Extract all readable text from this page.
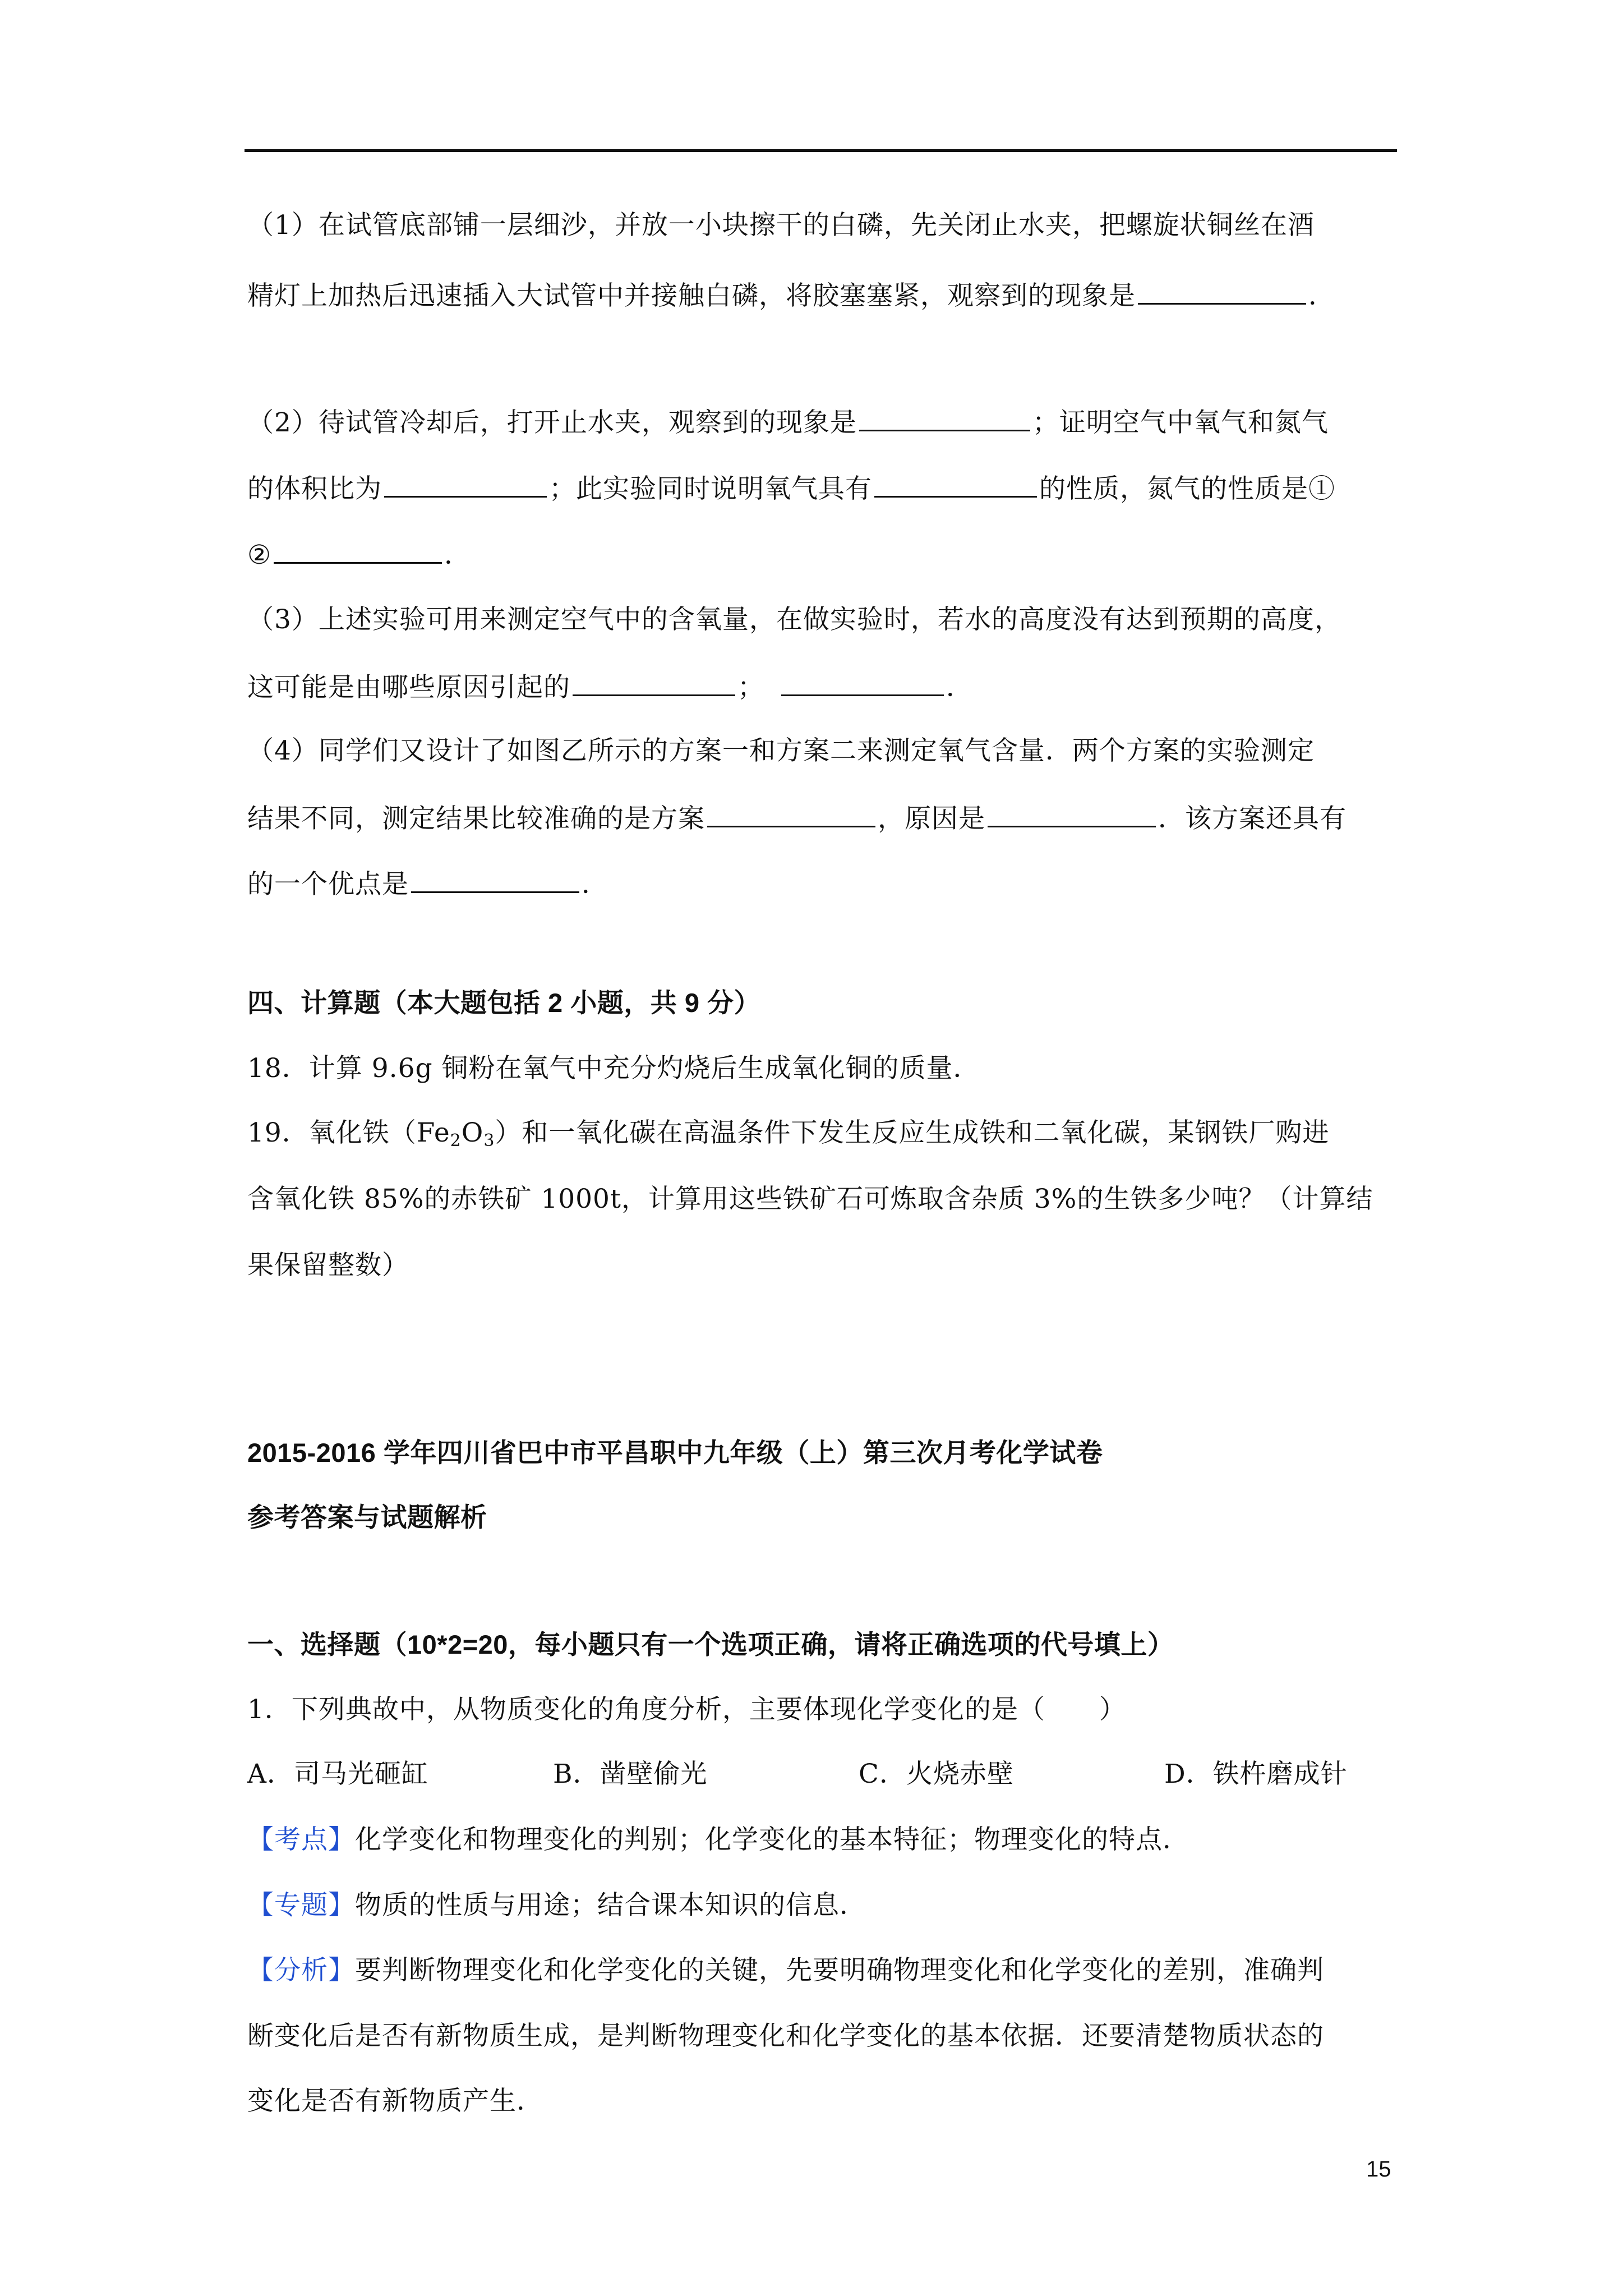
（1）在试管底部铺一层细沙，并放一小块擦干的白磷，先关闭止水夹，把螺旋状铜丝在酒
精灯上加热后迅速插入大试管中并接触白磷，将胶塞塞紧，观察到的现象是	．
（2）待试管冷却后，打开止水夹，观察到的现象是	；证明空气中氧气和氮气
的体积比为	；此实验同时说明氧气具有	的性质，氮气的性质是①
②	．
（3）上述实验可用来测定空气中的含氧量，在做实验时，若水的高度没有达到预期的高度，
这可能是由哪些原因引起的	；	．
（4）同学们又设计了如图乙所示的方案一和方案二来测定氧气含量．两个方案的实验测定
结果不同，测定结果比较准确的是方案	，原因是	．该方案还具有
的一个优点是	．
四、计算题（本大题包括 2 小题，共 9 分）
18．计算 9.6g 铜粉在氧气中充分灼烧后生成氧化铜的质量．
19．氧化铁$(Fe_2O_3)$和一氧化碳在高温条件下发生反应生成铁和二氧化碳，某钢铁厂购进
含氧化铁 85%的赤铁矿 1000t，计算用这些铁矿石可炼取含杂质 3%的生铁多少吨？（计算结
果保留整数）
2015-2016 学年四川省巴中市平昌职中九年级（上）第三次月考化学试卷
参考答案与试题解析
一、选择题（10*2=20，每小题只有一个选项正确，请将正确选项的代号填上）
1．下列典故中，从物质变化的角度分析，主要体现化学变化的是（　　）
A．司马光砸缸	B．凿壁偷光	C．火烧赤壁	D．铁杵磨成针
【考点】化学变化和物理变化的判别；化学变化的基本特征；物理变化的特点．
【专题】物质的性质与用途；结合课本知识的信息．
【分析】要判断物理变化和化学变化的关键，先要明确物理变化和化学变化的差别，准确判
断变化后是否有新物质生成，是判断物理变化和化学变化的基本依据．还要清楚物质状态的
变化是否有新物质产生．
15
